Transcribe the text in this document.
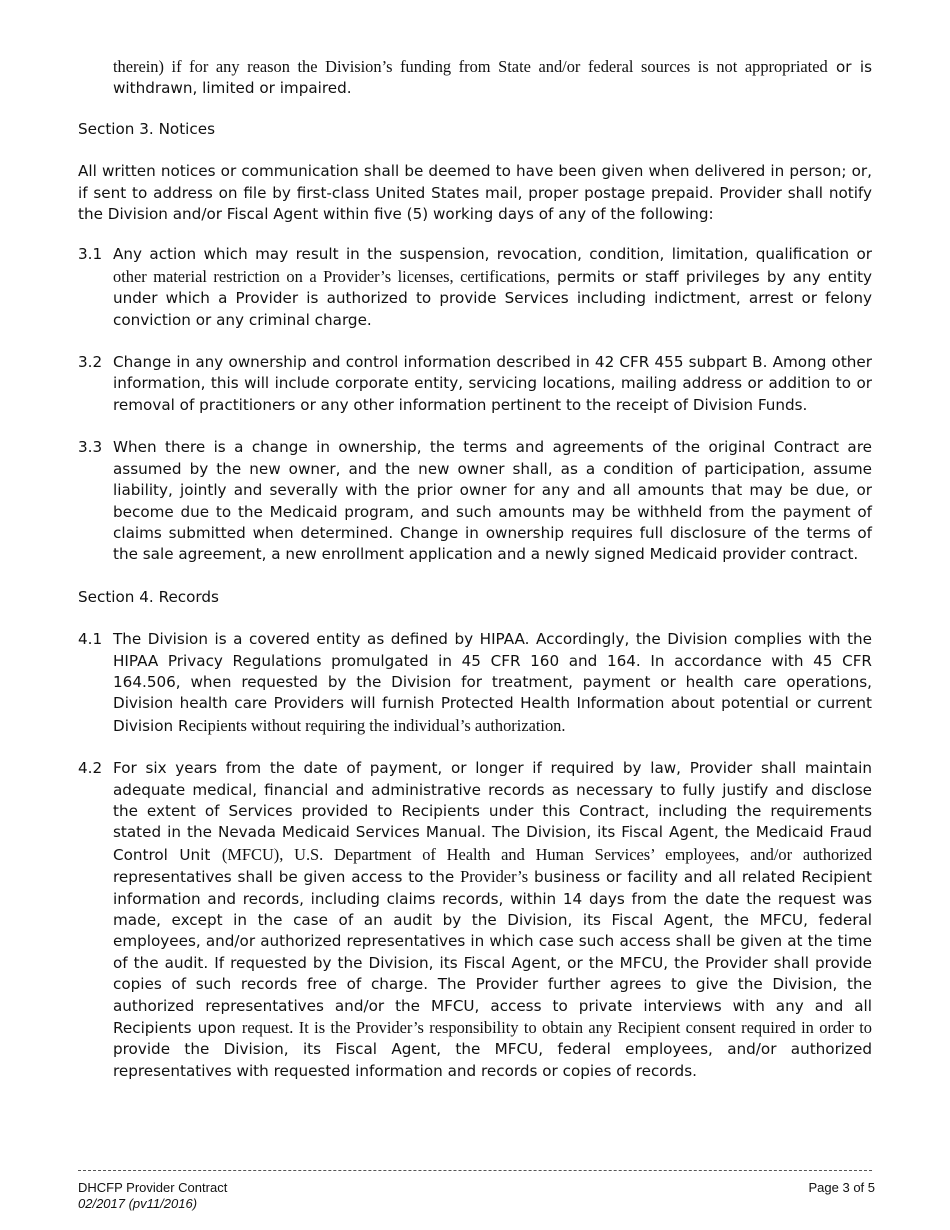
therein) if for any reason the Division’s funding from State and/or federal sources is not appropriated or is withdrawn, limited or impaired.

Section 3. Notices

All written notices or communication shall be deemed to have been given when delivered in person; or, if sent to address on file by first-class United States mail, proper postage prepaid. Provider shall notify the Division and/or Fiscal Agent within five (5) working days of any of the following:

3.1 Any action which may result in the suspension, revocation, condition, limitation, qualification or other material restriction on a Provider’s licenses, certifications, permits or staff privileges by any entity under which a Provider is authorized to provide Services including indictment, arrest or felony conviction or any criminal charge.
3.2 Change in any ownership and control information described in 42 CFR 455 subpart B. Among other information, this will include corporate entity, servicing locations, mailing address or addition to or removal of practitioners or any other information pertinent to the receipt of Division Funds.
3.3 When there is a change in ownership, the terms and agreements of the original Contract are assumed by the new owner, and the new owner shall, as a condition of participation, assume liability, jointly and severally with the prior owner for any and all amounts that may be due, or become due to the Medicaid program, and such amounts may be withheld from the payment of claims submitted when determined. Change in ownership requires full disclosure of the terms of the sale agreement, a new enrollment application and a newly signed Medicaid provider contract.

Section 4. Records

4.1 The Division is a covered entity as defined by HIPAA. Accordingly, the Division complies with the HIPAA Privacy Regulations promulgated in 45 CFR 160 and 164. In accordance with 45 CFR 164.506, when requested by the Division for treatment, payment or health care operations, Division health care Providers will furnish Protected Health Information about potential or current Division Recipients without requiring the individual’s authorization.
4.2 For six years from the date of payment, or longer if required by law, Provider shall maintain adequate medical, financial and administrative records as necessary to fully justify and disclose the extent of Services provided to Recipients under this Contract, including the requirements stated in the Nevada Medicaid Services Manual. The Division, its Fiscal Agent, the Medicaid Fraud Control Unit (MFCU), U.S. Department of Health and Human Services’ employees, and/or authorized representatives shall be given access to the Provider’s business or facility and all related Recipient information and records, including claims records, within 14 days from the date the request was made, except in the case of an audit by the Division, its Fiscal Agent, the MFCU, federal employees, and/or authorized representatives in which case such access shall be given at the time of the audit. If requested by the Division, its Fiscal Agent, or the MFCU, the Provider shall provide copies of such records free of charge. The Provider further agrees to give the Division, the authorized representatives and/or the MFCU, access to private interviews with any and all Recipients upon request. It is the Provider’s responsibility to obtain any Recipient consent required in order to provide the Division, its Fiscal Agent, the MFCU, federal employees, and/or authorized representatives with requested information and records or copies of records.
DHCFP Provider Contract	Page 3 of 5
02/2017 (pv11/2016)
